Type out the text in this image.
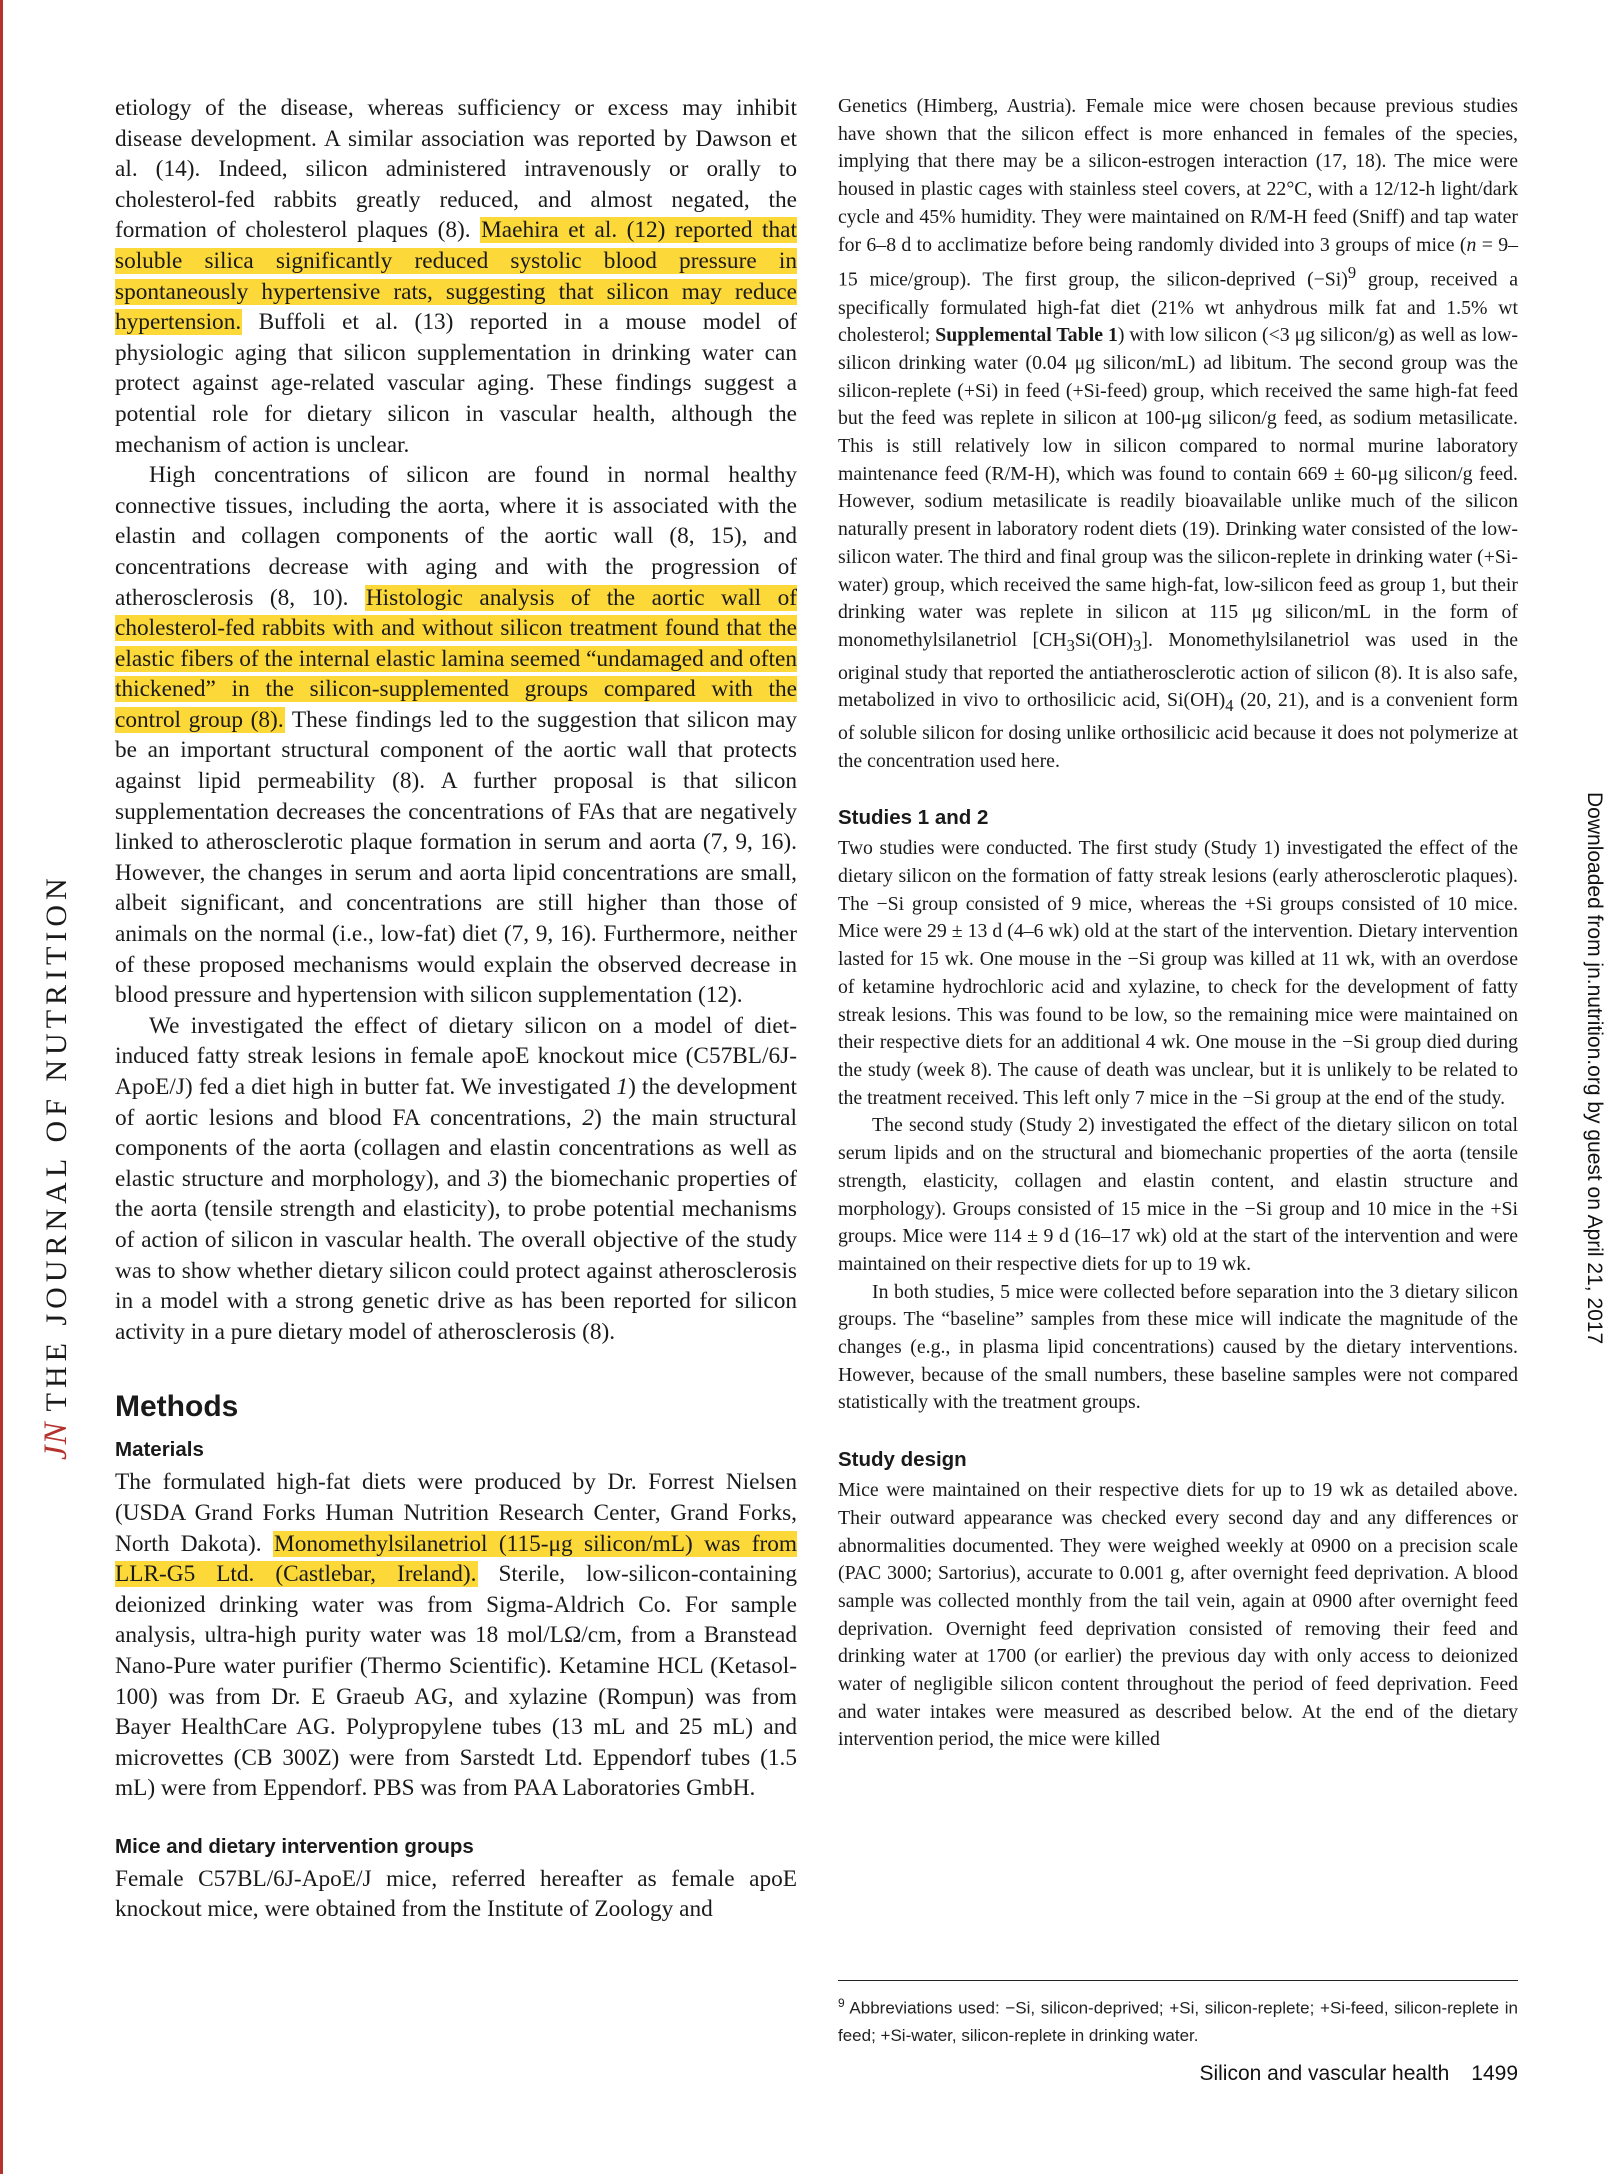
JNTHE JOURNAL OF NUTRITION	Downloaded from jn.nutrition.org by guest on April 21, 2017

etiology of the disease, whereas sufficiency or excess may inhibit disease development. A similar association was reported by Dawson et al. (14). Indeed, silicon administered intravenously or orally to cholesterol-fed rabbits greatly reduced, and almost negated, the formation of cholesterol plaques (8). Maehira et al. (12) reported that soluble silica significantly reduced systolic blood pressure in spontaneously hypertensive rats, suggesting that silicon may reduce hypertension. Buffoli et al. (13) reported in a mouse model of physiologic aging that silicon supplementation in drinking water can protect against age-related vascular aging. These findings suggest a potential role for dietary silicon in vascular health, although the mechanism of action is unclear.

High concentrations of silicon are found in normal healthy connective tissues, including the aorta, where it is associated with the elastin and collagen components of the aortic wall (8, 15), and concentrations decrease with aging and with the progression of atherosclerosis (8, 10). Histologic analysis of the aortic wall of cholesterol-fed rabbits with and without silicon treatment found that the elastic fibers of the internal elastic lamina seemed “undamaged and often thickened” in the silicon-supplemented groups compared with the control group (8). These findings led to the suggestion that silicon may be an important structural component of the aortic wall that protects against lipid permeability (8). A further proposal is that silicon supplementation decreases the concentrations of FAs that are negatively linked to atherosclerotic plaque formation in serum and aorta (7, 9, 16). However, the changes in serum and aorta lipid concentrations are small, albeit significant, and concentrations are still higher than those of animals on the normal (i.e., low-fat) diet (7, 9, 16). Furthermore, neither of these proposed mechanisms would explain the observed decrease in blood pressure and hypertension with silicon supplementation (12).

We investigated the effect of dietary silicon on a model of diet-induced fatty streak lesions in female apoE knockout mice (C57BL/6J-ApoE/J) fed a diet high in butter fat. We investigated 1) the development of aortic lesions and blood FA concentrations, 2) the main structural components of the aorta (collagen and elastin concentrations as well as elastic structure and morphology), and 3) the biomechanic properties of the aorta (tensile strength and elasticity), to probe potential mechanisms of action of silicon in vascular health. The overall objective of the study was to show whether dietary silicon could protect against atherosclerosis in a model with a strong genetic drive as has been reported for silicon activity in a pure dietary model of atherosclerosis (8).

Methods
Materials

The formulated high-fat diets were produced by Dr. Forrest Nielsen (USDA Grand Forks Human Nutrition Research Center, Grand Forks, North Dakota). Monomethylsilanetriol (115-μg silicon/mL) was from LLR-G5 Ltd. (Castlebar, Ireland). Sterile, low-silicon-containing deionized drinking water was from Sigma-Aldrich Co. For sample analysis, ultra-high purity water was 18 mol/LΩ/cm, from a Branstead Nano-Pure water purifier (Thermo Scientific). Ketamine HCL (Ketasol-100) was from Dr. E Graeub AG, and xylazine (Rompun) was from Bayer HealthCare AG. Polypropylene tubes (13 mL and 25 mL) and microvettes (CB 300Z) were from Sarstedt Ltd. Eppendorf tubes (1.5 mL) were from Eppendorf. PBS was from PAA Laboratories GmbH.

Mice and dietary intervention groups

Female C57BL/6J-ApoE/J mice, referred hereafter as female apoE knockout mice, were obtained from the Institute of Zoology and

Genetics (Himberg, Austria). Female mice were chosen because previous studies have shown that the silicon effect is more enhanced in females of the species, implying that there may be a silicon-estrogen interaction (17, 18). The mice were housed in plastic cages with stainless steel covers, at 22°C, with a 12/12-h light/dark cycle and 45% humidity. They were maintained on R/M-H feed (Sniff) and tap water for 6–8 d to acclimatize before being randomly divided into 3 groups of mice (n = 9–15 mice/group). The first group, the silicon-deprived $(-Si)^9$ group, received a specifically formulated high-fat diet (21% wt anhydrous milk fat and 1.5% wt cholesterol; Supplemental Table 1) with low silicon (<3 μg silicon/g) as well as low-silicon drinking water (0.04 μg silicon/mL) ad libitum. The second group was the silicon-replete (+Si) in feed (+Si-feed) group, which received the same high-fat feed but the feed was replete in silicon at 100-μg silicon/g feed, as sodium metasilicate. This is still relatively low in silicon compared to normal murine laboratory maintenance feed (R/M-H), which was found to contain 669 ± 60-μg silicon/g feed. However, sodium metasilicate is readily bioavailable unlike much of the silicon naturally present in laboratory rodent diets (19). Drinking water consisted of the low-silicon water. The third and final group was the silicon-replete in drinking water (+Si-water) group, which received the same high-fat, low-silicon feed as group 1, but their drinking water was replete in silicon at 115 μg silicon/mL in the form of monomethylsilanetriol $[CH_3Si(OH)_3]$. Monomethylsilanetriol was used in the original study that reported the antiatherosclerotic action of silicon (8). It is also safe, metabolized in vivo to orthosilicic acid, $Si(OH)_4$ (20, 21), and is a convenient form of soluble silicon for dosing unlike orthosilicic acid because it does not polymerize at the concentration used here.

Studies 1 and 2

Two studies were conducted. The first study (Study 1) investigated the effect of the dietary silicon on the formation of fatty streak lesions (early atherosclerotic plaques). The −Si group consisted of 9 mice, whereas the +Si groups consisted of 10 mice. Mice were 29 ± 13 d (4–6 wk) old at the start of the intervention. Dietary intervention lasted for 15 wk. One mouse in the −Si group was killed at 11 wk, with an overdose of ketamine hydrochloric acid and xylazine, to check for the development of fatty streak lesions. This was found to be low, so the remaining mice were maintained on their respective diets for an additional 4 wk. One mouse in the −Si group died during the study (week 8). The cause of death was unclear, but it is unlikely to be related to the treatment received. This left only 7 mice in the −Si group at the end of the study.

The second study (Study 2) investigated the effect of the dietary silicon on total serum lipids and on the structural and biomechanic properties of the aorta (tensile strength, elasticity, collagen and elastin content, and elastin structure and morphology). Groups consisted of 15 mice in the −Si group and 10 mice in the +Si groups. Mice were 114 ± 9 d (16–17 wk) old at the start of the intervention and were maintained on their respective diets for up to 19 wk.

In both studies, 5 mice were collected before separation into the 3 dietary silicon groups. The “baseline” samples from these mice will indicate the magnitude of the changes (e.g., in plasma lipid concentrations) caused by the dietary interventions. However, because of the small numbers, these baseline samples were not compared statistically with the treatment groups.

Study design

Mice were maintained on their respective diets for up to 19 wk as detailed above. Their outward appearance was checked every second day and any differences or abnormalities documented. They were weighed weekly at 0900 on a precision scale (PAC 3000; Sartorius), accurate to 0.001 g, after overnight feed deprivation. A blood sample was collected monthly from the tail vein, again at 0900 after overnight feed deprivation. Overnight feed deprivation consisted of removing their feed and drinking water at 1700 (or earlier) the previous day with only access to deionized water of negligible silicon content throughout the period of feed deprivation. Feed and water intakes were measured as described below. At the end of the dietary intervention period, the mice were killed

$^9$ Abbreviations used: −Si, silicon-deprived; +Si, silicon-replete; +Si-feed, silicon-replete in feed; +Si-water, silicon-replete in drinking water.
Silicon and vascular health 1499
